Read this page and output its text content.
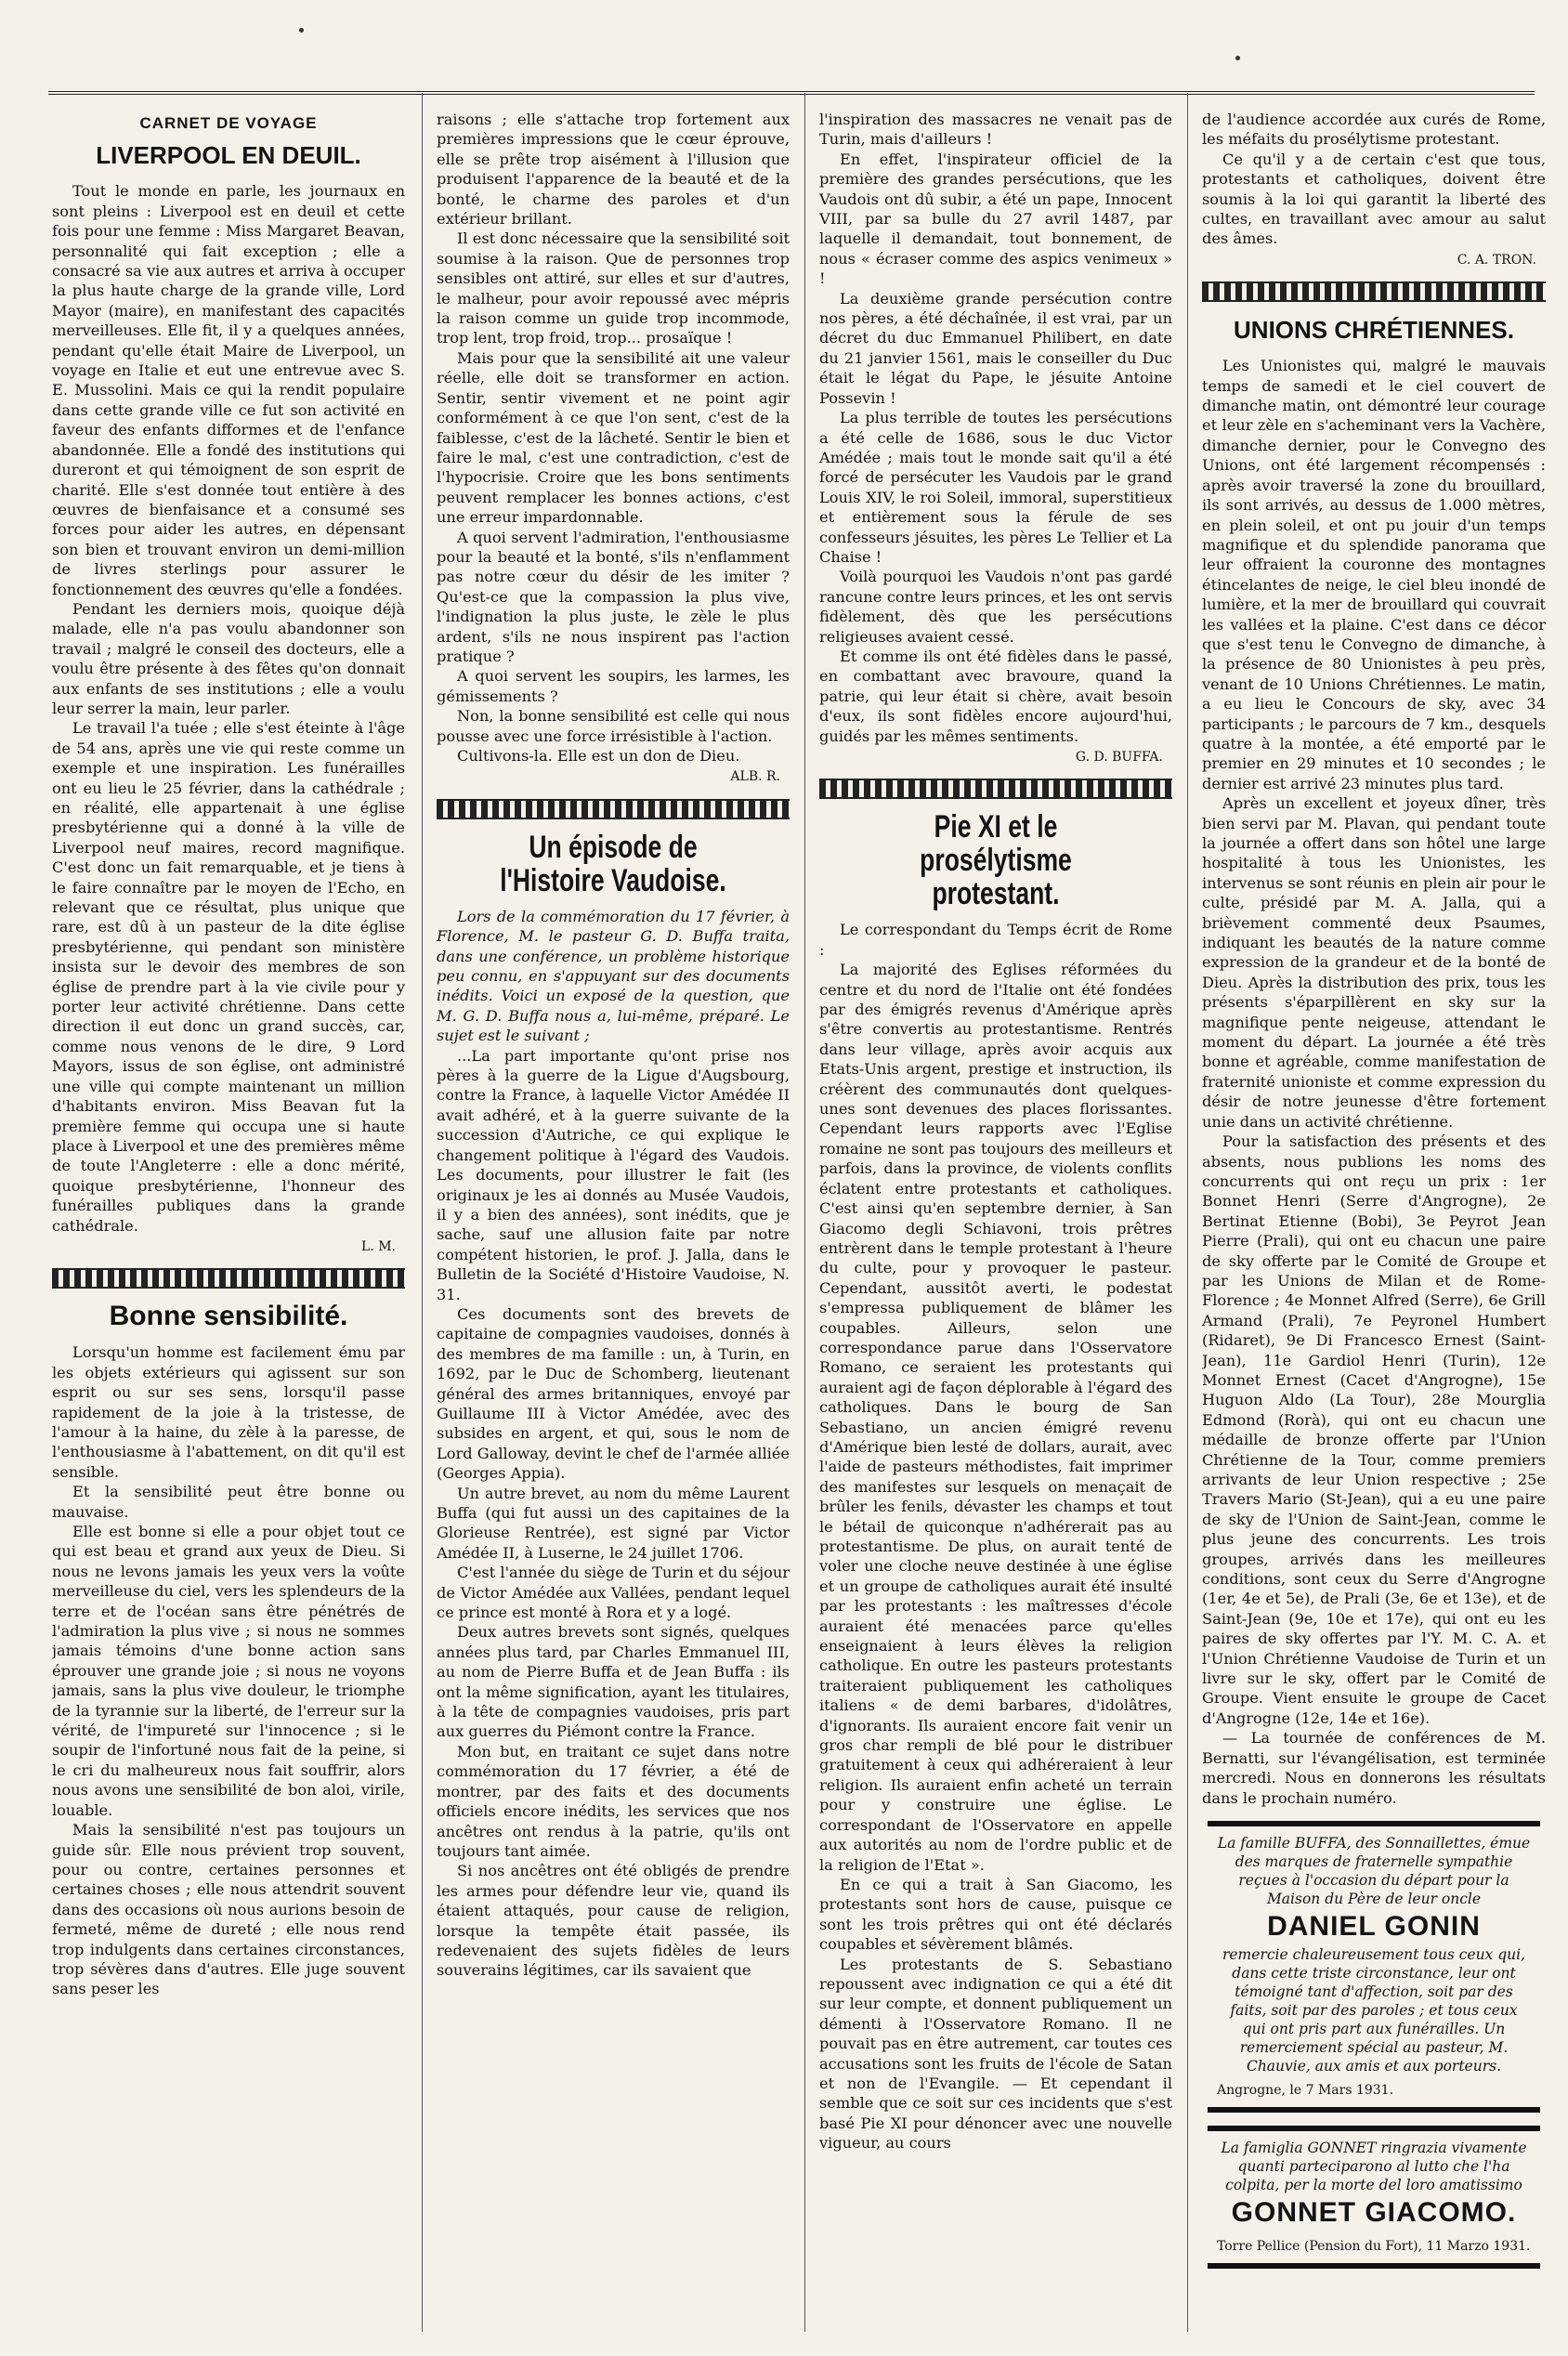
CARNET DE VOYAGE
LIVERPOOL EN DEUIL.

Tout le monde en parle, les journaux en sont pleins : Liverpool est en deuil et cette fois pour une femme : Miss Margaret Beavan, personnalité qui fait exception ; elle a consacré sa vie aux autres et arriva à occuper la plus haute charge de la grande ville, Lord Mayor (maire), en manifestant des capacités merveilleuses. Elle fit, il y a quelques années, pendant qu'elle était Maire de Liverpool, un voyage en Italie et eut une entrevue avec S. E. Mussolini. Mais ce qui la rendit populaire dans cette grande ville ce fut son activité en faveur des enfants difformes et de l'enfance abandonnée. Elle a fondé des institutions qui dureront et qui témoignent de son esprit de charité. Elle s'est donnée tout entière à des œuvres de bienfaisance et a consumé ses forces pour aider les autres, en dépensant son bien et trouvant environ un demi-million de livres sterlings pour assurer le fonctionnement des œuvres qu'elle a fondées.

Pendant les derniers mois, quoique déjà malade, elle n'a pas voulu abandonner son travail ; malgré le conseil des docteurs, elle a voulu être présente à des fêtes qu'on donnait aux enfants de ses institutions ; elle a voulu leur serrer la main, leur parler.

Le travail l'a tuée ; elle s'est éteinte à l'âge de 54 ans, après une vie qui reste comme un exemple et une inspiration. Les funérailles ont eu lieu le 25 février, dans la cathédrale ; en réalité, elle appartenait à une église presbytérienne qui a donné à la ville de Liverpool neuf maires, record magnifique. C'est donc un fait remarquable, et je tiens à le faire connaître par le moyen de l'Echo, en relevant que ce résultat, plus unique que rare, est dû à un pasteur de la dite église presbytérienne, qui pendant son ministère insista sur le devoir des membres de son église de prendre part à la vie civile pour y porter leur activité chrétienne. Dans cette direction il eut donc un grand succès, car, comme nous venons de le dire, 9 Lord Mayors, issus de son église, ont administré une ville qui compte maintenant un million d'habitants environ. Miss Beavan fut la première femme qui occupa une si haute place à Liverpool et une des premières même de toute l'Angleterre : elle a donc mérité, quoique presbytérienne, l'honneur des funérailles publiques dans la grande cathédrale.

L. M.
Bonne sensibilité.

Lorsqu'un homme est facilement ému par les objets extérieurs qui agissent sur son esprit ou sur ses sens, lorsqu'il passe rapidement de la joie à la tristesse, de l'amour à la haine, du zèle à la paresse, de l'enthousiasme à l'abattement, on dit qu'il est sensible.

Et la sensibilité peut être bonne ou mauvaise.

Elle est bonne si elle a pour objet tout ce qui est beau et grand aux yeux de Dieu. Si nous ne levons jamais les yeux vers la voûte merveilleuse du ciel, vers les splendeurs de la terre et de l'océan sans être pénétrés de l'admiration la plus vive ; si nous ne sommes jamais témoins d'une bonne action sans éprouver une grande joie ; si nous ne voyons jamais, sans la plus vive douleur, le triomphe de la tyrannie sur la liberté, de l'erreur sur la vérité, de l'impureté sur l'innocence ; si le soupir de l'infortuné nous fait de la peine, si le cri du malheureux nous fait souffrir, alors nous avons une sensibilité de bon aloi, virile, louable.

Mais la sensibilité n'est pas toujours un guide sûr. Elle nous prévient trop souvent, pour ou contre, certaines personnes et certaines choses ; elle nous attendrit souvent dans des occasions où nous aurions besoin de fermeté, même de dureté ; elle nous rend trop indulgents dans certaines circonstances, trop sévères dans d'autres. Elle juge souvent sans peser les

raisons ; elle s'attache trop fortement aux premières impressions que le cœur éprouve, elle se prête trop aisément à l'illusion que produisent l'apparence de la beauté et de la bonté, le charme des paroles et d'un extérieur brillant.

Il est donc nécessaire que la sensibilité soit soumise à la raison. Que de personnes trop sensibles ont attiré, sur elles et sur d'autres, le malheur, pour avoir repoussé avec mépris la raison comme un guide trop incommode, trop lent, trop froid, trop... prosaïque !

Mais pour que la sensibilité ait une valeur réelle, elle doit se transformer en action. Sentir, sentir vivement et ne point agir conformément à ce que l'on sent, c'est de la faiblesse, c'est de la lâcheté. Sentir le bien et faire le mal, c'est une contradiction, c'est de l'hypocrisie. Croire que les bons sentiments peuvent remplacer les bonnes actions, c'est une erreur impardonnable.

A quoi servent l'admiration, l'enthousiasme pour la beauté et la bonté, s'ils n'enflamment pas notre cœur du désir de les imiter ? Qu'est-ce que la compassion la plus vive, l'indignation la plus juste, le zèle le plus ardent, s'ils ne nous inspirent pas l'action pratique ?

A quoi servent les soupirs, les larmes, les gémissements ?

Non, la bonne sensibilité est celle qui nous pousse avec une force irrésistible à l'action.

Cultivons-la. Elle est un don de Dieu.

ALB. R.
Un épisode de l'Histoire Vaudoise.

Lors de la commémoration du 17 février, à Florence, M. le pasteur G. D. Buffa traita, dans une conférence, un problème historique peu connu, en s'appuyant sur des documents inédits. Voici un exposé de la question, que M. G. D. Buffa nous a, lui-même, préparé. Le sujet est le suivant ;

...La part importante qu'ont prise nos pères à la guerre de la Ligue d'Augsbourg, contre la France, à laquelle Victor Amédée II avait adhéré, et à la guerre suivante de la succession d'Autriche, ce qui explique le changement politique à l'égard des Vaudois. Les documents, pour illustrer le fait (les originaux je les ai donnés au Musée Vaudois, il y a bien des années), sont inédits, que je sache, sauf une allusion faite par notre compétent historien, le prof. J. Jalla, dans le Bulletin de la Société d'Histoire Vaudoise, N. 31.

Ces documents sont des brevets de capitaine de compagnies vaudoises, donnés à des membres de ma famille : un, à Turin, en 1692, par le Duc de Schomberg, lieutenant général des armes britanniques, envoyé par Guillaume III à Victor Amédée, avec des subsides en argent, et qui, sous le nom de Lord Galloway, devint le chef de l'armée alliée (Georges Appia).

Un autre brevet, au nom du même Laurent Buffa (qui fut aussi un des capitaines de la Glorieuse Rentrée), est signé par Victor Amédée II, à Luserne, le 24 juillet 1706.

C'est l'année du siège de Turin et du séjour de Victor Amédée aux Vallées, pendant lequel ce prince est monté à Rora et y a logé.

Deux autres brevets sont signés, quelques années plus tard, par Charles Emmanuel III, au nom de Pierre Buffa et de Jean Buffa : ils ont la même signification, ayant les titulaires, à la tête de compagnies vaudoises, pris part aux guerres du Piémont contre la France.

Mon but, en traitant ce sujet dans notre commémoration du 17 février, a été de montrer, par des faits et des documents officiels encore inédits, les services que nos ancêtres ont rendus à la patrie, qu'ils ont toujours tant aimée.

Si nos ancêtres ont été obligés de prendre les armes pour défendre leur vie, quand ils étaient attaqués, pour cause de religion, lorsque la tempête était passée, ils redevenaient des sujets fidèles de leurs souverains légitimes, car ils savaient que

l'inspiration des massacres ne venait pas de Turin, mais d'ailleurs !

En effet, l'inspirateur officiel de la première des grandes persécutions, que les Vaudois ont dû subir, a été un pape, Innocent VIII, par sa bulle du 27 avril 1487, par laquelle il demandait, tout bonnement, de nous « écraser comme des aspics venimeux » !

La deuxième grande persécution contre nos pères, a été déchaînée, il est vrai, par un décret du duc Emmanuel Philibert, en date du 21 janvier 1561, mais le conseiller du Duc était le légat du Pape, le jésuite Antoine Possevin !

La plus terrible de toutes les persécutions a été celle de 1686, sous le duc Victor Amédée ; mais tout le monde sait qu'il a été forcé de persécuter les Vaudois par le grand Louis XIV, le roi Soleil, immoral, superstitieux et entièrement sous la férule de ses confesseurs jésuites, les pères Le Tellier et La Chaise !

Voilà pourquoi les Vaudois n'ont pas gardé rancune contre leurs princes, et les ont servis fidèlement, dès que les persécutions religieuses avaient cessé.

Et comme ils ont été fidèles dans le passé, en combattant avec bravoure, quand la patrie, qui leur était si chère, avait besoin d'eux, ils sont fidèles encore aujourd'hui, guidés par les mêmes sentiments.

G. D. BUFFA.
Pie XI et le prosélytisme protestant.

Le correspondant du Temps écrit de Rome :

La majorité des Eglises réformées du centre et du nord de l'Italie ont été fondées par des émigrés revenus d'Amérique après s'être convertis au protestantisme. Rentrés dans leur village, après avoir acquis aux Etats-Unis argent, prestige et instruction, ils créèrent des communautés dont quelques-unes sont devenues des places florissantes. Cependant leurs rapports avec l'Eglise romaine ne sont pas toujours des meilleurs et parfois, dans la province, de violents conflits éclatent entre protestants et catholiques. C'est ainsi qu'en septembre dernier, à San Giacomo degli Schiavoni, trois prêtres entrèrent dans le temple protestant à l'heure du culte, pour y provoquer le pasteur. Cependant, aussitôt averti, le podestat s'empressa publiquement de blâmer les coupables. Ailleurs, selon une correspondance parue dans l'Osservatore Romano, ce seraient les protestants qui auraient agi de façon déplorable à l'égard des catholiques. Dans le bourg de San Sebastiano, un ancien émigré revenu d'Amérique bien lesté de dollars, aurait, avec l'aide de pasteurs méthodistes, fait imprimer des manifestes sur lesquels on menaçait de brûler les fenils, dévaster les champs et tout le bétail de quiconque n'adhérerait pas au protestantisme. De plus, on aurait tenté de voler une cloche neuve destinée à une église et un groupe de catholiques aurait été insulté par les protestants : les maîtresses d'école auraient été menacées parce qu'elles enseignaient à leurs élèves la religion catholique. En outre les pasteurs protestants traiteraient publiquement les catholiques italiens « de demi barbares, d'idolâtres, d'ignorants. Ils auraient encore fait venir un gros char rempli de blé pour le distribuer gratuitement à ceux qui adhéreraient à leur religion. Ils auraient enfin acheté un terrain pour y construire une église. Le correspondant de l'Osservatore en appelle aux autorités au nom de l'ordre public et de la religion de l'Etat ».

En ce qui a trait à San Giacomo, les protestants sont hors de cause, puisque ce sont les trois prêtres qui ont été déclarés coupables et sévèrement blâmés.

Les protestants de S. Sebastiano repoussent avec indignation ce qui a été dit sur leur compte, et donnent publiquement un démenti à l'Osservatore Romano. Il ne pouvait pas en être autrement, car toutes ces accusations sont les fruits de l'école de Satan et non de l'Evangile. — Et cependant il semble que ce soit sur ces incidents que s'est basé Pie XI pour dénoncer avec une nouvelle vigueur, au cours

de l'audience accordée aux curés de Rome, les méfaits du prosélytisme protestant.

Ce qu'il y a de certain c'est que tous, protestants et catholiques, doivent être soumis à la loi qui garantit la liberté des cultes, en travaillant avec amour au salut des âmes.

C. A. TRON.
UNIONS CHRÉTIENNES.

Les Unionistes qui, malgré le mauvais temps de samedi et le ciel couvert de dimanche matin, ont démontré leur courage et leur zèle en s'acheminant vers la Vachère, dimanche dernier, pour le Convegno des Unions, ont été largement récompensés : après avoir traversé la zone du brouillard, ils sont arrivés, au dessus de 1.000 mètres, en plein soleil, et ont pu jouir d'un temps magnifique et du splendide panorama que leur offraient la couronne des montagnes étincelantes de neige, le ciel bleu inondé de lumière, et la mer de brouillard qui couvrait les vallées et la plaine. C'est dans ce décor que s'est tenu le Convegno de dimanche, à la présence de 80 Unionistes à peu près, venant de 10 Unions Chrétiennes. Le matin, a eu lieu le Concours de sky, avec 34 participants ; le parcours de 7 km., desquels quatre à la montée, a été emporté par le premier en 29 minutes et 10 secondes ; le dernier est arrivé 23 minutes plus tard.

Après un excellent et joyeux dîner, très bien servi par M. Plavan, qui pendant toute la journée a offert dans son hôtel une large hospitalité à tous les Unionistes, les intervenus se sont réunis en plein air pour le culte, présidé par M. A. Jalla, qui a brièvement commenté deux Psaumes, indiquant les beautés de la nature comme expression de la grandeur et de la bonté de Dieu. Après la distribution des prix, tous les présents s'éparpillèrent en sky sur la magnifique pente neigeuse, attendant le moment du départ. La journée a été très bonne et agréable, comme manifestation de fraternité unioniste et comme expression du désir de notre jeunesse d'être fortement unie dans un activité chrétienne.

Pour la satisfaction des présents et des absents, nous publions les noms des concurrents qui ont reçu un prix : 1er Bonnet Henri (Serre d'Angrogne), 2e Bertinat Etienne (Bobi), 3e Peyrot Jean Pierre (Prali), qui ont eu chacun une paire de sky offerte par le Comité de Groupe et par les Unions de Milan et de Rome-Florence ; 4e Monnet Alfred (Serre), 6e Grill Armand (Prali), 7e Peyronel Humbert (Ridaret), 9e Di Francesco Ernest (Saint-Jean), 11e Gardiol Henri (Turin), 12e Monnet Ernest (Cacet d'Angrogne), 15e Huguon Aldo (La Tour), 28e Mourglia Edmond (Rorà), qui ont eu chacun une médaille de bronze offerte par l'Union Chrétienne de la Tour, comme premiers arrivants de leur Union respective ; 25e Travers Mario (St-Jean), qui a eu une paire de sky de l'Union de Saint-Jean, comme le plus jeune des concurrents. Les trois groupes, arrivés dans les meilleures conditions, sont ceux du Serre d'Angrogne (1er, 4e et 5e), de Prali (3e, 6e et 13e), et de Saint-Jean (9e, 10e et 17e), qui ont eu les paires de sky offertes par l'Y. M. C. A. et l'Union Chrétienne Vaudoise de Turin et un livre sur le sky, offert par le Comité de Groupe. Vient ensuite le groupe de Cacet d'Angrogne (12e, 14e et 16e).

— La tournée de conférences de M. Bernatti, sur l'évangélisation, est terminée mercredi. Nous en donnerons les résultats dans le prochain numéro.

La famille BUFFA, des Sonnaillettes, émue des marques de fraternelle sympathie reçues à l'occasion du départ pour la Maison du Père de leur oncle
DANIEL GONIN
remercie chaleureusement tous ceux qui, dans cette triste circonstance, leur ont témoigné tant d'affection, soit par des faits, soit par des paroles ; et tous ceux qui ont pris part aux funérailles. Un remerciement spécial au pasteur, M. Chauvie, aux amis et aux porteurs.
Angrogne, le 7 Mars 1931.
La famiglia GONNET ringrazia vivamente quanti parteciparono al lutto che l'ha colpita, per la morte del loro amatissimo
GONNET GIACOMO.
Torre Pellice (Pension du Fort), 11 Marzo 1931.
